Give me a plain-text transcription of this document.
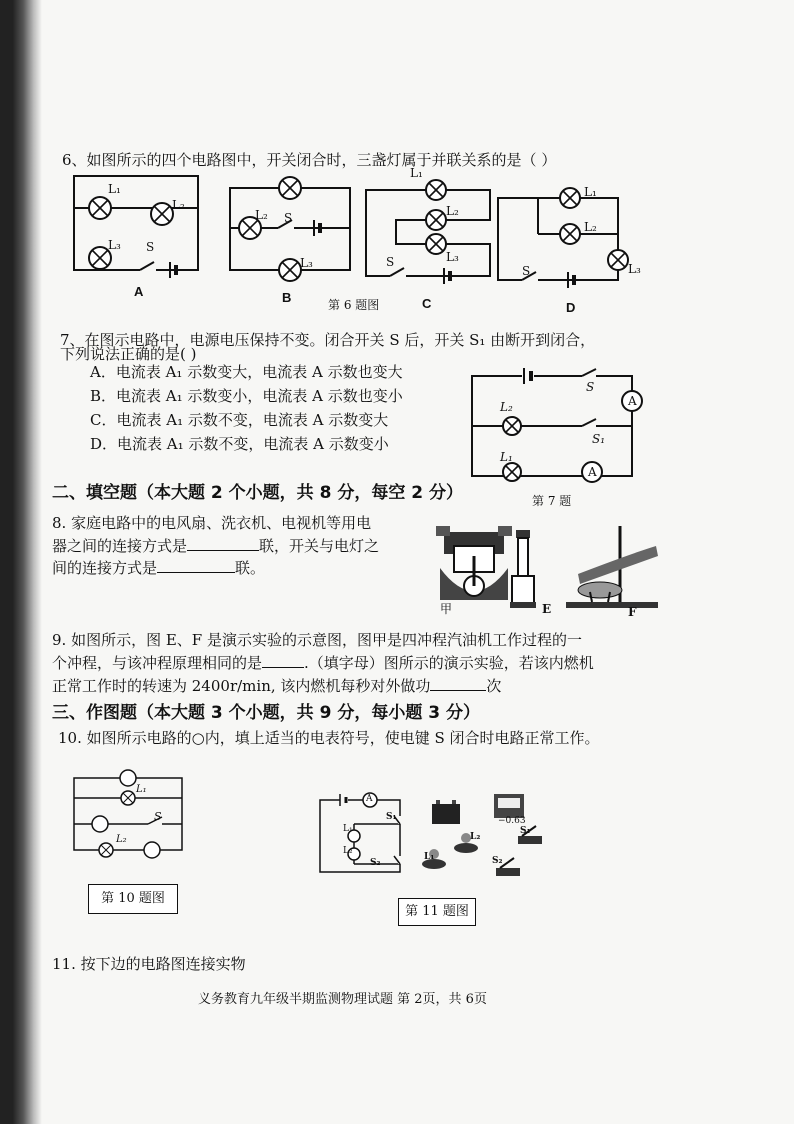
6、如图所示的四个电路图中，开关闭合时，三盏灯属于并联关系的是（ ）
L₁
L₂
L₃ S
L₂ S
L₃
L₁
L₂
L₃
S
L₁
L₂
L₃
S
A	B	第 6 题图	C	D
7、在图示电路中，电源电压保持不变。闭合开关 S 后，开关 S₁ 由断开到闭合，
下列说法正确的是( )
A．电流表 A₁ 示数变大，电流表 A 示数也变大
B．电流表 A₁ 示数变小，电流表 A 示数也变小
C．电流表 A₁ 示数不变，电流表 A 示数变大
D．电流表 A₁ 示数不变，电流表 A 示数变小
S
A
L₂
S₁
L₁
A
第 7 题
二、填空题（本大题 2 个小题，共 8 分，每空 2 分）
8. 家庭电路中的电风扇、洗衣机、电视机等用电
器之间的连接方式是	联，开关与电灯之
间的连接方式是	联。
甲	E	F
9. 如图所示，图 E、F 是演示实验的示意图，图甲是四冲程汽油机工作过程的一
个冲程，与该冲程原理相同的是	.（填字母）图所示的演示实验，若该内燃机
正常工作时的转速为 2400r/min, 该内燃机每秒对外做功	次
三、作图题（本大题 3 个小题，共 9 分，每小题 3 分）
10. 如图所示电路的○内，填上适当的电表符号，使电键 S 闭合时电路正常工作。
L₁
S
L₂
第 10 题图
A
L₁
L₂
S₁
S₂
−0.63
L₂
L₁
S₁
S₂
第 11 题图
11. 按下边的电路图连接实物
义务教育九年级半期监测物理试题 第 2页，共 6页
